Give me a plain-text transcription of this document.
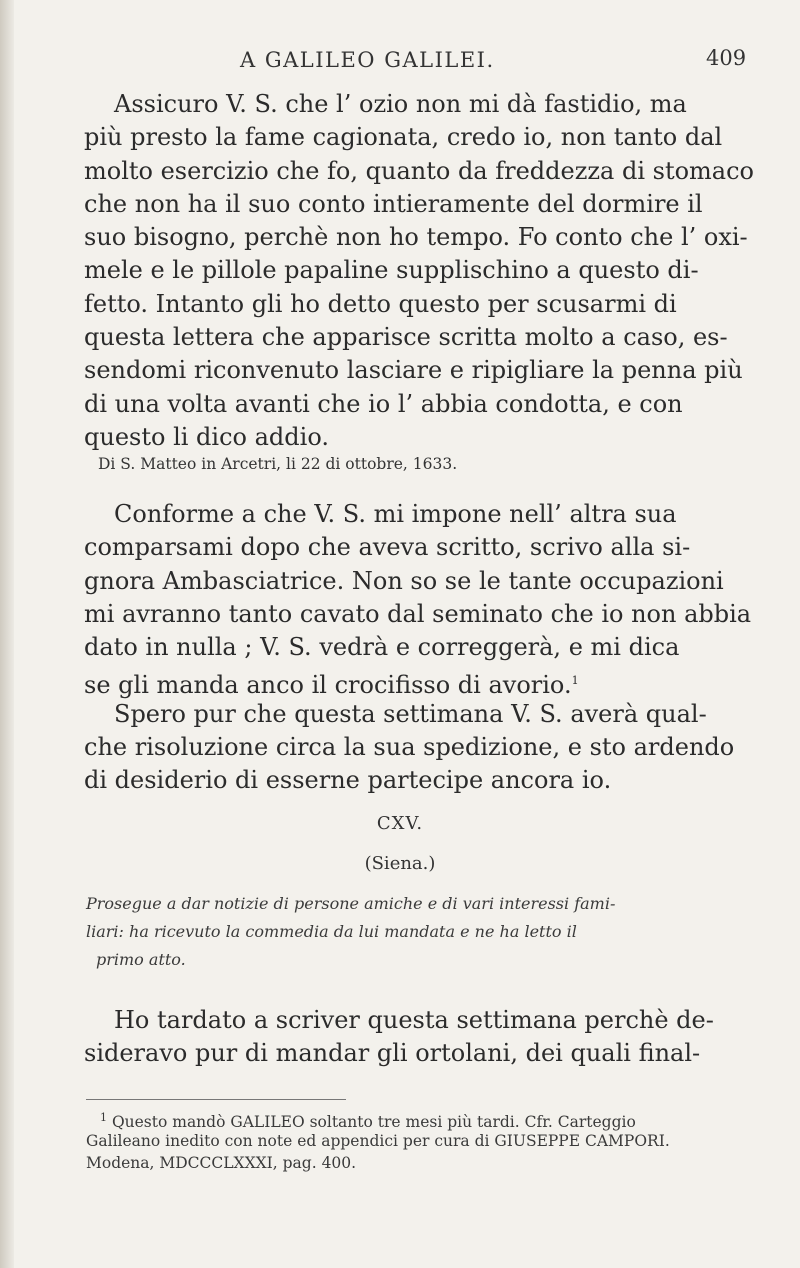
A GALILEO GALILEI.	409
Assicuro V. S. che l’ ozio non mi dà fastidio, ma
più presto la fame cagionata, credo io, non tanto dal
molto esercizio che fo, quanto da freddezza di stomaco
che non ha il suo conto intieramente del dormire il
suo bisogno, perchè non ho tempo. Fo conto che l’ oxi-
mele e le pillole papaline supplischino a questo di-
fetto. Intanto gli ho detto questo per scusarmi di
questa lettera che apparisce scritta molto a caso, es-
sendomi riconvenuto lasciare e ripigliare la penna più
di una volta avanti che io l’ abbia condotta, e con
questo li dico addio.
Di S. Matteo in Arcetri, li 22 di ottobre, 1633.
Conforme a che V. S. mi impone nell’ altra sua
comparsami dopo che aveva scritto, scrivo alla si-
gnora Ambasciatrice. Non so se le tante occupazioni
mi avranno tanto cavato dal seminato che io non abbia
dato in nulla ; V. S. vedrà e correggerà, e mi dica
se gli manda anco il crocifisso di avorio.$^1$
Spero pur che questa settimana V. S. averà qual-
che risoluzione circa la sua spedizione, e sto ardendo
di desiderio di esserne partecipe ancora io.
CXV.
(Siena.)
Prosegue a dar notizie di persone amiche e di vari interessi fami-
liari: ha ricevuto la commedia da lui mandata e ne ha letto il
primo atto.
Ho tardato a scriver questa settimana perchè de-
sideravo pur di mandar gli ortolani, dei quali final-
$^1$ Questo mandò GALILEO soltanto tre mesi più tardi. Cfr. Carteggio
Galileano inedito con note ed appendici per cura di GIUSEPPE CAMPORI.
Modena, MDCCCLXXXI, pag. 400.
